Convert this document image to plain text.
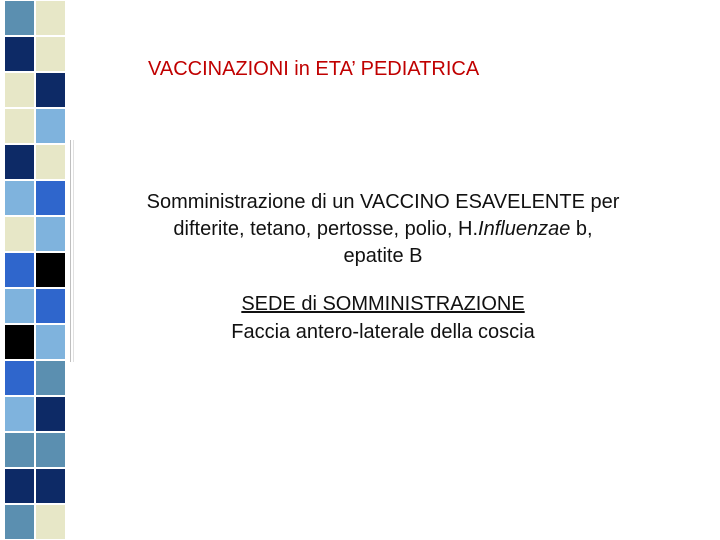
VACCINAZIONI in ETA’ PEDIATRICA
Somministrazione di un VACCINO ESAVELENTE per
difterite, tetano, pertosse, polio, H.Influenzae b,
epatite B
SEDE di SOMMINISTRAZIONE
Faccia antero-laterale della coscia
